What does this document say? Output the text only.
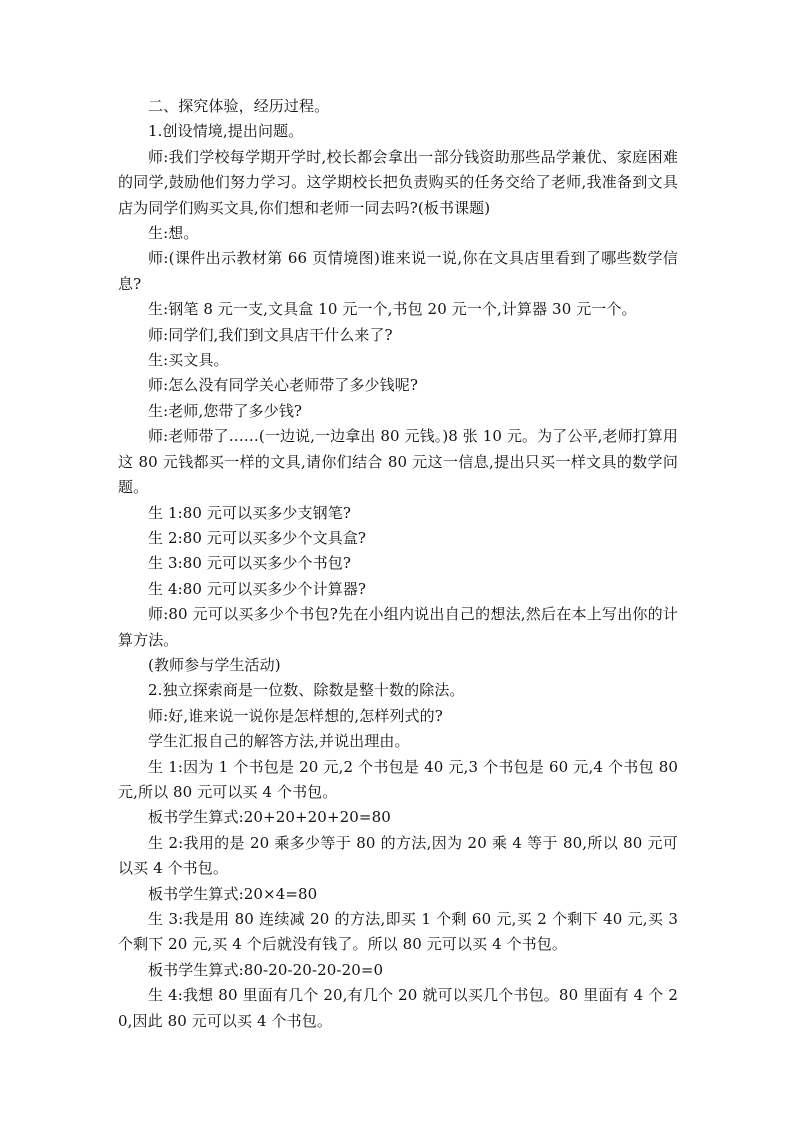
二、探究体验，经历过程。

1.创设情境,提出问题。

师:我们学校每学期开学时,校长都会拿出一部分钱资助那些品学兼优、家庭困难的同学,鼓励他们努力学习。这学期校长把负责购买的任务交给了老师,我准备到文具店为同学们购买文具,你们想和老师一同去吗?(板书课题)

生:想。

师:(课件出示教材第 66 页情境图)谁来说一说,你在文具店里看到了哪些数学信息?

生:钢笔 8 元一支,文具盒 10 元一个,书包 20 元一个,计算器 30 元一个。

师:同学们,我们到文具店干什么来了?

生:买文具。

师:怎么没有同学关心老师带了多少钱呢?

生:老师,您带了多少钱?

师:老师带了……(一边说,一边拿出 80 元钱。)8 张 10 元。为了公平,老师打算用这 80 元钱都买一样的文具,请你们结合 80 元这一信息,提出只买一样文具的数学问题。

生 1:80 元可以买多少支钢笔?

生 2:80 元可以买多少个文具盒?

生 3:80 元可以买多少个书包?

生 4:80 元可以买多少个计算器?

师:80 元可以买多少个书包?先在小组内说出自己的想法,然后在本上写出你的计算方法。

(教师参与学生活动)

2.独立探索商是一位数、除数是整十数的除法。

师:好,谁来说一说你是怎样想的,怎样列式的?

学生汇报自己的解答方法,并说出理由。

生 1:因为 1 个书包是 20 元,2 个书包是 40 元,3 个书包是 60 元,4 个书包 80 元,所以 80 元可以买 4 个书包。

板书学生算式:20+20+20+20=80

生 2:我用的是 20 乘多少等于 80 的方法,因为 20 乘 4 等于 80,所以 80 元可以买 4 个书包。

板书学生算式:20×4=80

生 3:我是用 80 连续减 20 的方法,即买 1 个剩 60 元,买 2 个剩下 40 元,买 3 个剩下 20 元,买 4 个后就没有钱了。所以 80 元可以买 4 个书包。

板书学生算式:80-20-20-20-20=0

生 4:我想 80 里面有几个 20,有几个 20 就可以买几个书包。80 里面有 4 个 20,因此 80 元可以买 4 个书包。
